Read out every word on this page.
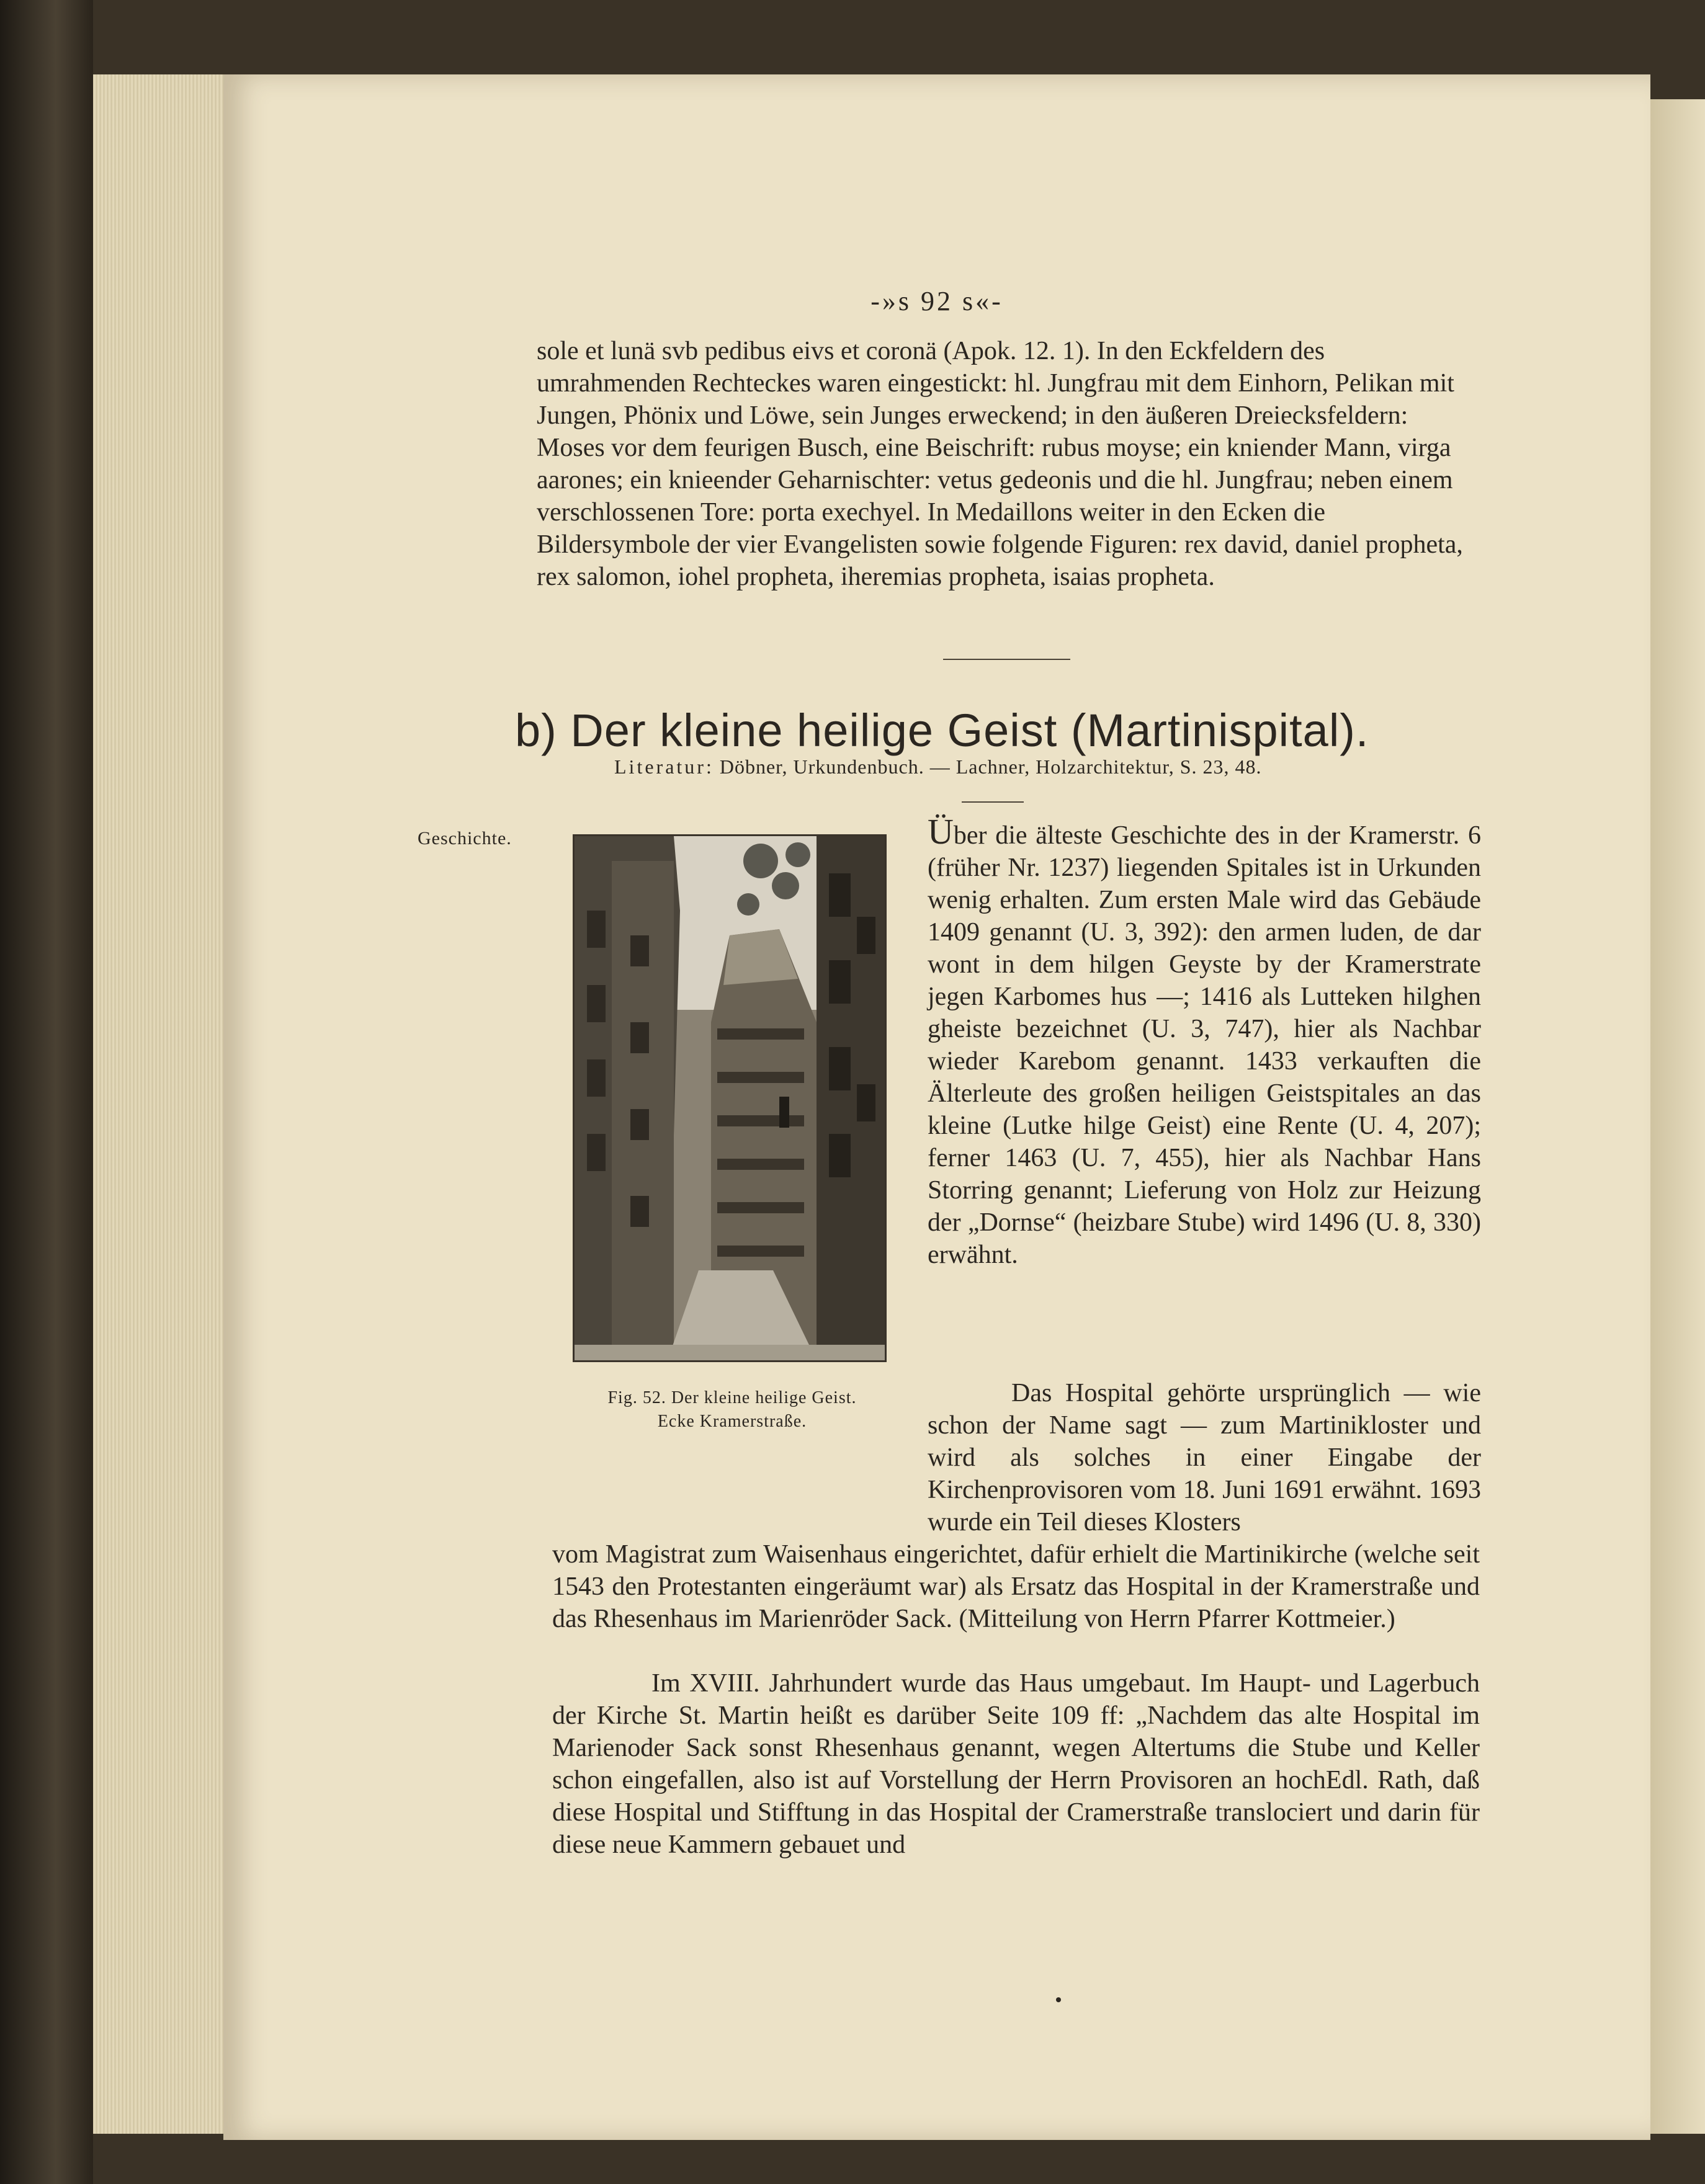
-»s 92 s«-
sole et lunä svb pedibus eivs et coronä (Apok. 12. 1). In den Eckfeldern des umrahmenden Rechteckes waren eingestickt: hl. Jungfrau mit dem Einhorn, Pelikan mit Jungen, Phönix und Löwe, sein Junges erweckend; in den äußeren Dreiecksfeldern: Moses vor dem feurigen Busch, eine Beischrift: rubus moyse; ein kniender Mann, virga aarones; ein knieender Geharnischter: vetus gedeonis und die hl. Jungfrau; neben einem verschlossenen Tore: porta exechyel. In Medaillons weiter in den Ecken die Bildersymbole der vier Evangelisten sowie folgende Figuren: rex david, daniel propheta, rex salomon, iohel propheta, iheremias propheta, isaias propheta.
b) Der kleine heilige Geist (Martinispital).
Literatur: Döbner, Urkundenbuch. — Lachner, Holzarchitektur, S. 23, 48.
Geschichte.
Fig. 52. Der kleine heilige Geist.
Ecke Kramerstraße.
Über die älteste Geschichte des in der Kramerstr. 6 (früher Nr. 1237) liegenden Spitales ist in Urkunden wenig erhalten. Zum ersten Male wird das Gebäude 1409 genannt (U. 3, 392): den armen luden, de dar wont in dem hilgen Geyste by der Kramerstrate jegen Karbomes hus —; 1416 als Lutteken hilghen gheiste bezeichnet (U. 3, 747), hier als Nachbar wieder Karebom genannt. 1433 verkauften die Älterleute des großen heiligen Geistspitales an das kleine (Lutke hilge Geist) eine Rente (U. 4, 207); ferner 1463 (U. 7, 455), hier als Nachbar Hans Storring genannt; Lieferung von Holz zur Heizung der „Dornse“ (heizbare Stube) wird 1496 (U. 8, 330) erwähnt.
Das Hospital gehörte ursprünglich — wie schon der Name sagt — zum Martinikloster und wird als solches in einer Eingabe der Kirchenprovisoren vom 18. Juni 1691 erwähnt. 1693 wurde ein Teil dieses Klosters
vom Magistrat zum Waisenhaus eingerichtet, dafür erhielt die Martinikirche (welche seit 1543 den Protestanten eingeräumt war) als Ersatz das Hospital in der Kramerstraße und das Rhesenhaus im Marienröder Sack. (Mitteilung von Herrn Pfarrer Kottmeier.)
Im XVIII. Jahrhundert wurde das Haus umgebaut. Im Haupt- und Lagerbuch der Kirche St. Martin heißt es darüber Seite 109 ff: „Nachdem das alte Hospital im Marienoder Sack sonst Rhesenhaus genannt, wegen Altertums die Stube und Keller schon eingefallen, also ist auf Vorstellung der Herrn Provisoren an hochEdl. Rath, daß diese Hospital und Stifftung in das Hospital der Cramerstraße translociert und darin für diese neue Kammern gebauet und
